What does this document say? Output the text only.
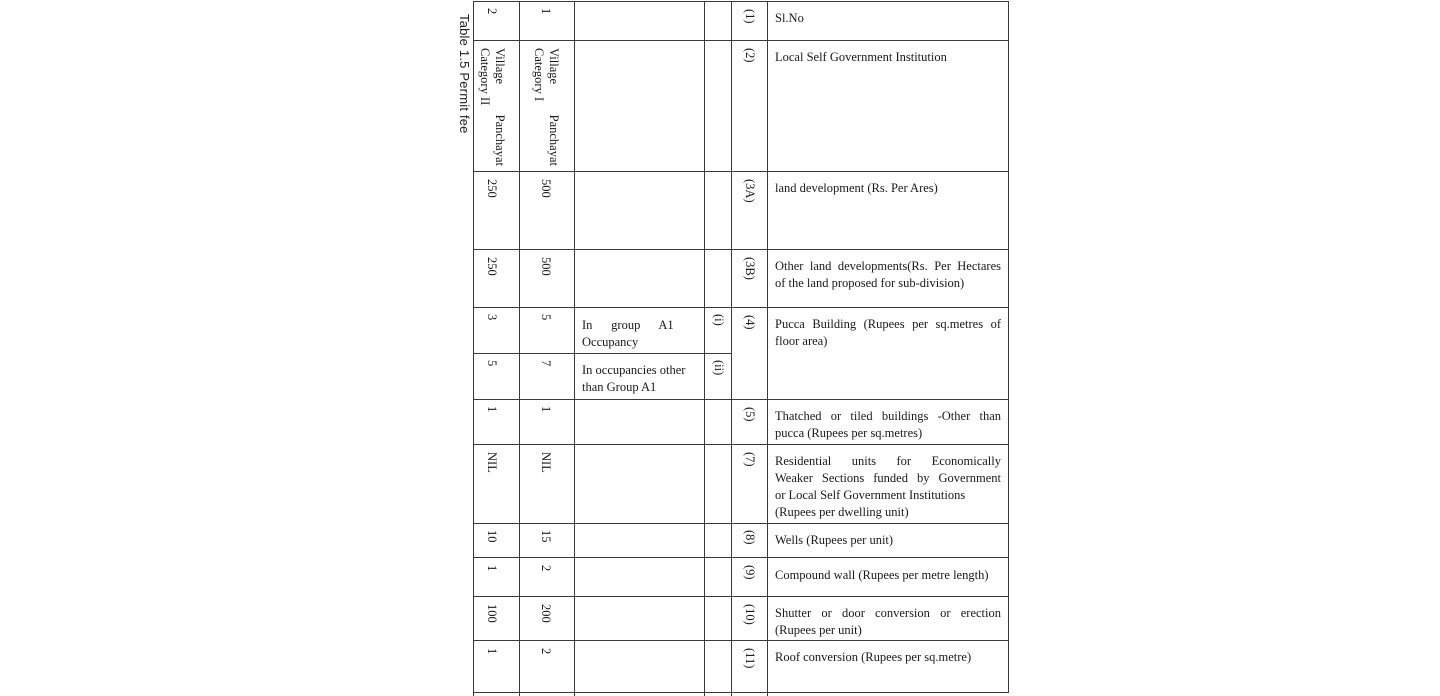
Table 1.5 Permit fee	(1) Sl.No
1
2
(2) Local Self Government Institution
Village Panchayat
Category I
Village Panchayat
Category II
(3A) land development (Rs. Per Ares)
500
250
(3B) Other land developments(Rs. Per Hectares
of the land proposed for sub-division)
500
250
(4) Pucca Building (Rupees per sq.metres of
floor area)
(i)
In      group      A1
Occupancy
5
3
(ii)
In occupancies other
than Group A1
7
5
(5) Thatched or tiled buildings -Other than
pucca (Rupees per sq.metres)
1
1
(7) Residential units for Economically
Weaker Sections funded by Government
or Local Self Government Institutions
(Rupees per dwelling unit)
NIL
NIL
(8) Wells (Rupees per unit)
15
10
(9) Compound wall (Rupees per metre length)
2
1
(10) Shutter or door conversion or erection
(Rupees per unit)
200
100
(11) Roof conversion (Rupees per sq.metre)
2
1
